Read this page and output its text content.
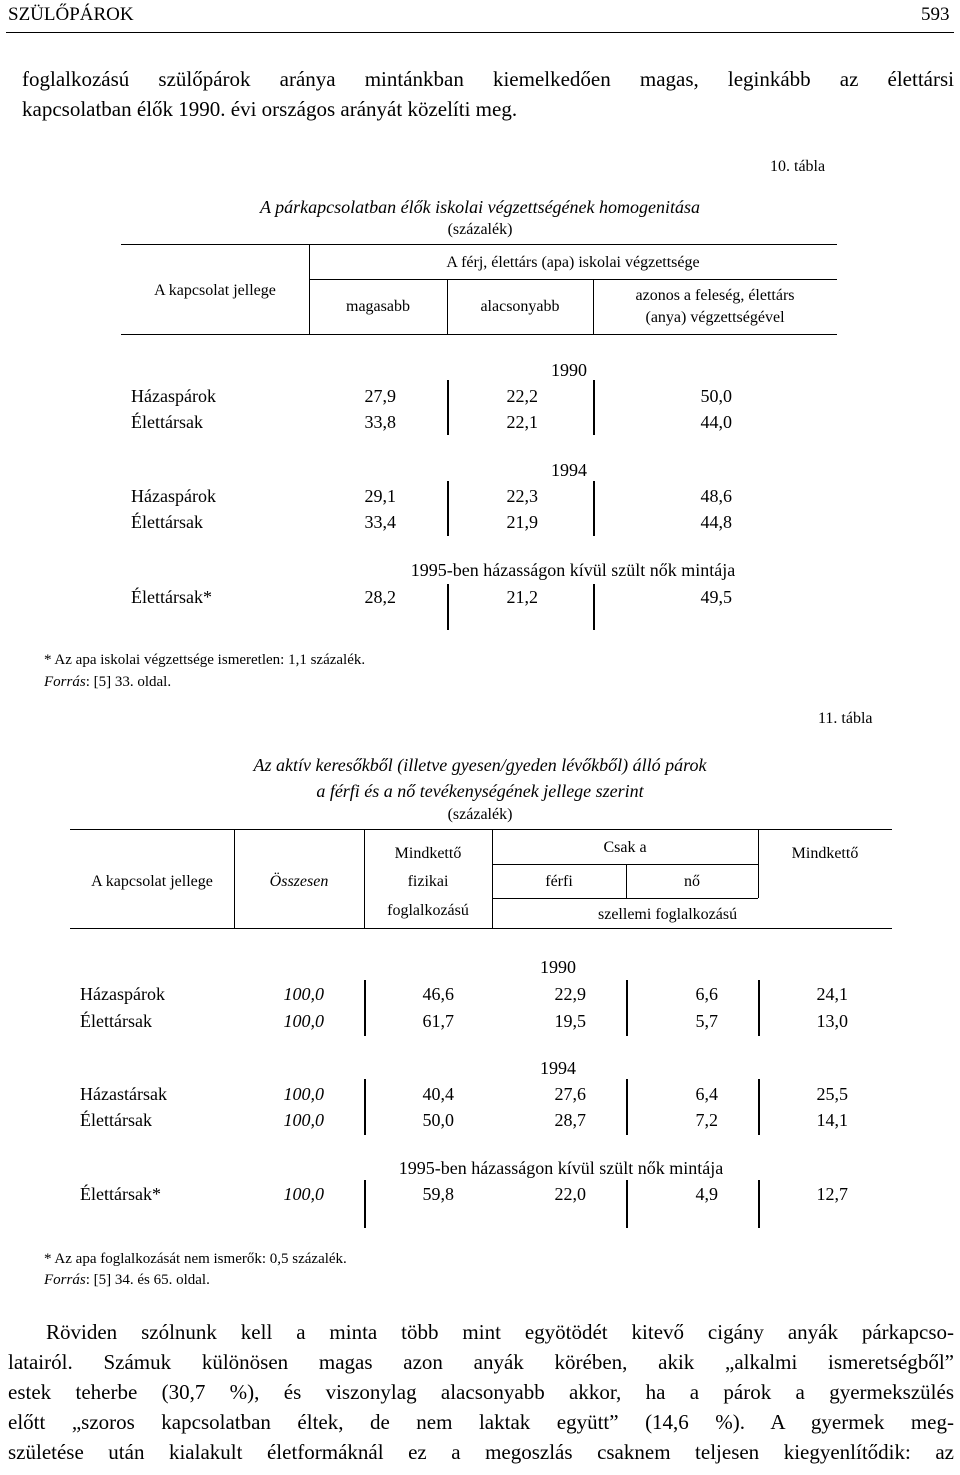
SZÜLŐPÁROK	593
foglalkozású szülőpárok aránya mintánkban kiemelkedően magas, leginkább az élettársi
kapcsolatban élők 1990. évi országos arányát közelíti meg.
10. tábla
A párkapcsolatban élők iskolai végzettségének homogenitása
(százalék)
A kapcsolat jellege
A férj, élettárs (apa) iskolai végzettsége
magasabb	alacsonyabb
azonos a feleség, élettárs
(anya) végzettségével
1990
Házaspárok	27,9	22,2	50,0
Élettársak	33,8	22,1	44,0
1994
Házaspárok	29,1	22,3	48,6
Élettársak	33,4	21,9	44,8
1995-ben házasságon kívül szült nők mintája
Élettársak*	28,2	21,2	49,5
* Az apa iskolai végzettsége ismeretlen: 1,1 százalék.
Forrás: [5] 33. oldal.
11. tábla
Az aktív keresőkből (illetve gyesen/gyeden lévőkből) álló párok
a férfi és a nő tevékenységének jellege szerint
(százalék)
A kapcsolat jellege	Összesen
Mindkettő
fizikai
foglalkozású
Csak a
férfi	nő
szellemi foglalkozású
Mindkettő
1990
Házaspárok	100,0	46,6	22,9	6,6	24,1
Élettársak	100,0	61,7	19,5	5,7	13,0
1994
Házastársak	100,0	40,4	27,6	6,4	25,5
Élettársak	100,0	50,0	28,7	7,2	14,1
1995-ben házasságon kívül szült nők mintája
Élettársak*	100,0	59,8	22,0	4,9	12,7
* Az apa foglalkozását nem ismerők: 0,5 százalék.
Forrás: [5] 34. és 65. oldal.
Röviden szólnunk kell a minta több mint egyötödét kitevő cigány anyák párkapcso-
latairól. Számuk különösen magas azon anyák körében, akik „alkalmi ismeretségből”
estek teherbe (30,7 %), és viszonylag alacsonyabb akkor, ha a párok a gyermekszülés
előtt „szoros kapcsolatban éltek, de nem laktak együtt” (14,6 %). A gyermek meg-
születése után kialakult életformáknál ez a megoszlás csaknem teljesen kiegyenlítődik: az
